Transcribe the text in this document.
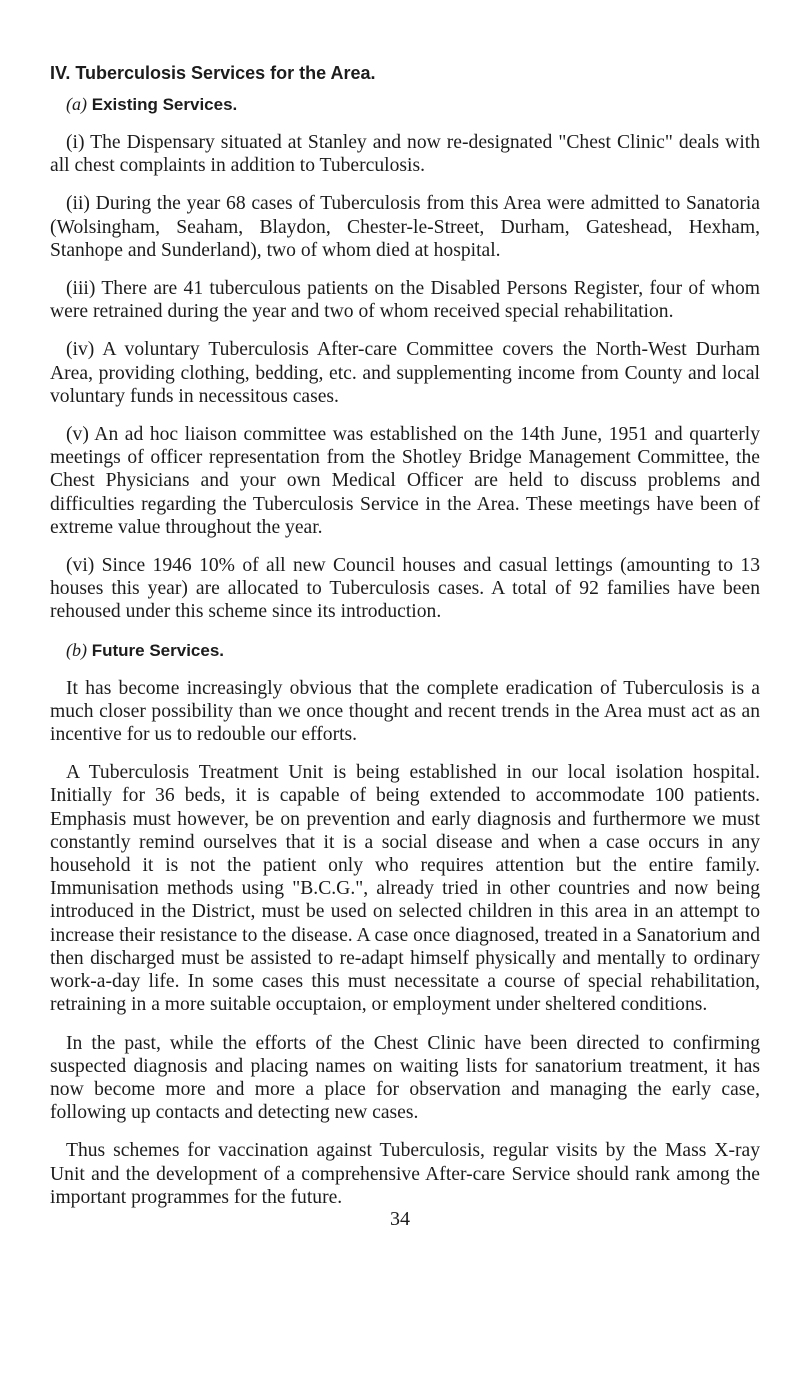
IV. Tuberculosis Services for the Area.
(a) Existing Services.

(i) The Dispensary situated at Stanley and now re-designated "Chest Clinic" deals with all chest complaints in addition to Tuberculosis.

(ii) During the year 68 cases of Tuberculosis from this Area were admitted to Sanatoria (Wolsingham, Seaham, Blaydon, Chester-le-Street, Durham, Gateshead, Hexham, Stanhope and Sunderland), two of whom died at hospital.

(iii) There are 41 tuberculous patients on the Disabled Persons Register, four of whom were retrained during the year and two of whom received special rehabilitation.

(iv) A voluntary Tuberculosis After-care Committee covers the North-West Durham Area, providing clothing, bedding, etc. and supplementing income from County and local voluntary funds in necessitous cases.

(v) An ad hoc liaison committee was established on the 14th June, 1951 and quarterly meetings of officer representation from the Shotley Bridge Management Committee, the Chest Physicians and your own Medical Officer are held to discuss problems and difficulties regarding the Tuberculosis Service in the Area. These meetings have been of extreme value throughout the year.

(vi) Since 1946 10% of all new Council houses and casual lettings (amounting to 13 houses this year) are allocated to Tuberculosis cases. A total of 92 families have been rehoused under this scheme since its introduction.

(b) Future Services.

It has become increasingly obvious that the complete eradication of Tuberculosis is a much closer possibility than we once thought and recent trends in the Area must act as an incentive for us to redouble our efforts.

A Tuberculosis Treatment Unit is being established in our local isolation hospital. Initially for 36 beds, it is capable of being extended to accommodate 100 patients. Emphasis must however, be on prevention and early diagnosis and furthermore we must constantly remind ourselves that it is a social disease and when a case occurs in any household it is not the patient only who requires attention but the entire family. Immunisation methods using "B.C.G.", already tried in other countries and now being introduced in the District, must be used on selected children in this area in an attempt to increase their resistance to the disease. A case once diagnosed, treated in a Sanatorium and then discharged must be assisted to re-adapt himself physically and mentally to ordinary work-a-day life. In some cases this must necessitate a course of special rehabilitation, retraining in a more suitable occuptaion, or employment under sheltered conditions.

In the past, while the efforts of the Chest Clinic have been directed to confirming suspected diagnosis and placing names on waiting lists for sanatorium treatment, it has now become more and more a place for observation and managing the early case, following up contacts and detecting new cases.

Thus schemes for vaccination against Tuberculosis, regular visits by the Mass X-ray Unit and the development of a comprehensive After-care Service should rank among the important programmes for the future.

34
